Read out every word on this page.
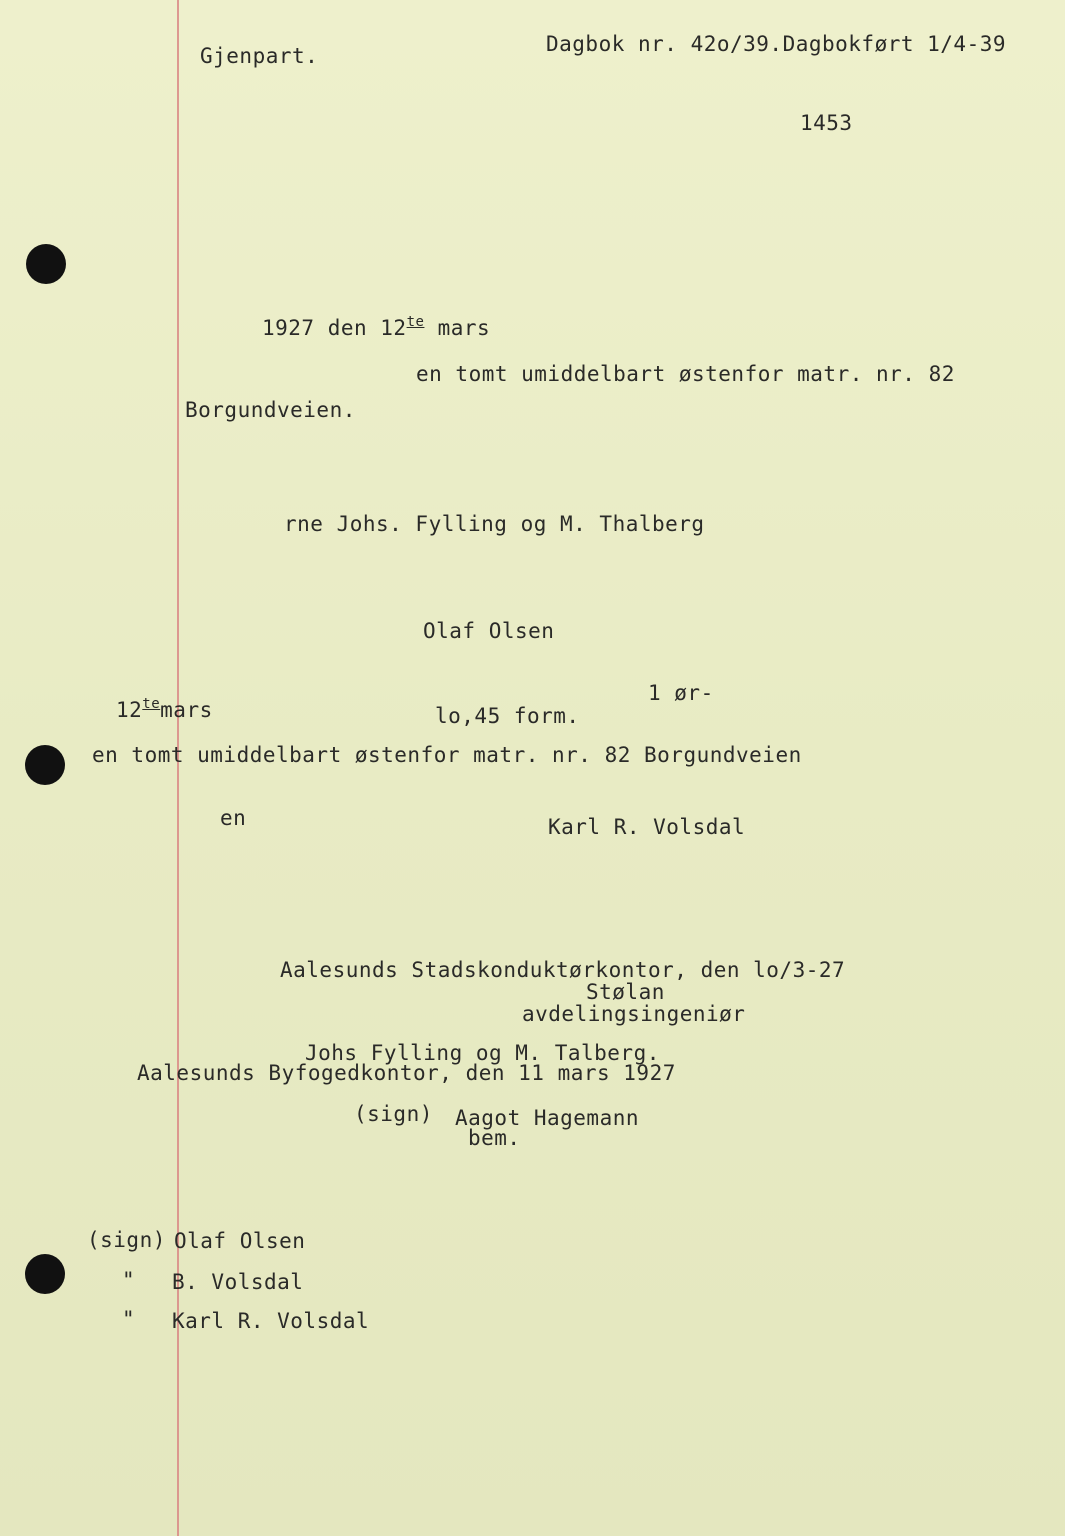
Gjenpart.	Dagbok nr. 42o/39.Dagbokført 1/4-39
1453
1927 den $12^{te}$ mars
en tomt umiddelbart østenfor matr. nr. 82
Borgundveien.
rne Johs. Fylling og M. Thalberg
Olaf Olsen
$12^{te}mars$
1 ør-
lo,45 form.
en tomt umiddelbart østenfor matr. nr. 82 Borgundveien
en	Karl R. Volsdal
Aalesunds Stadskonduktørkontor, den lo/3-27
Stølan
avdelingsingeniør
Johs Fylling og M. Talberg.
Aalesunds Byfogedkontor, den 11 mars 1927
(sign) Aagot Hagemann
bem.
(sign) Olaf Olsen
" B. Volsdal
" Karl R. Volsdal
